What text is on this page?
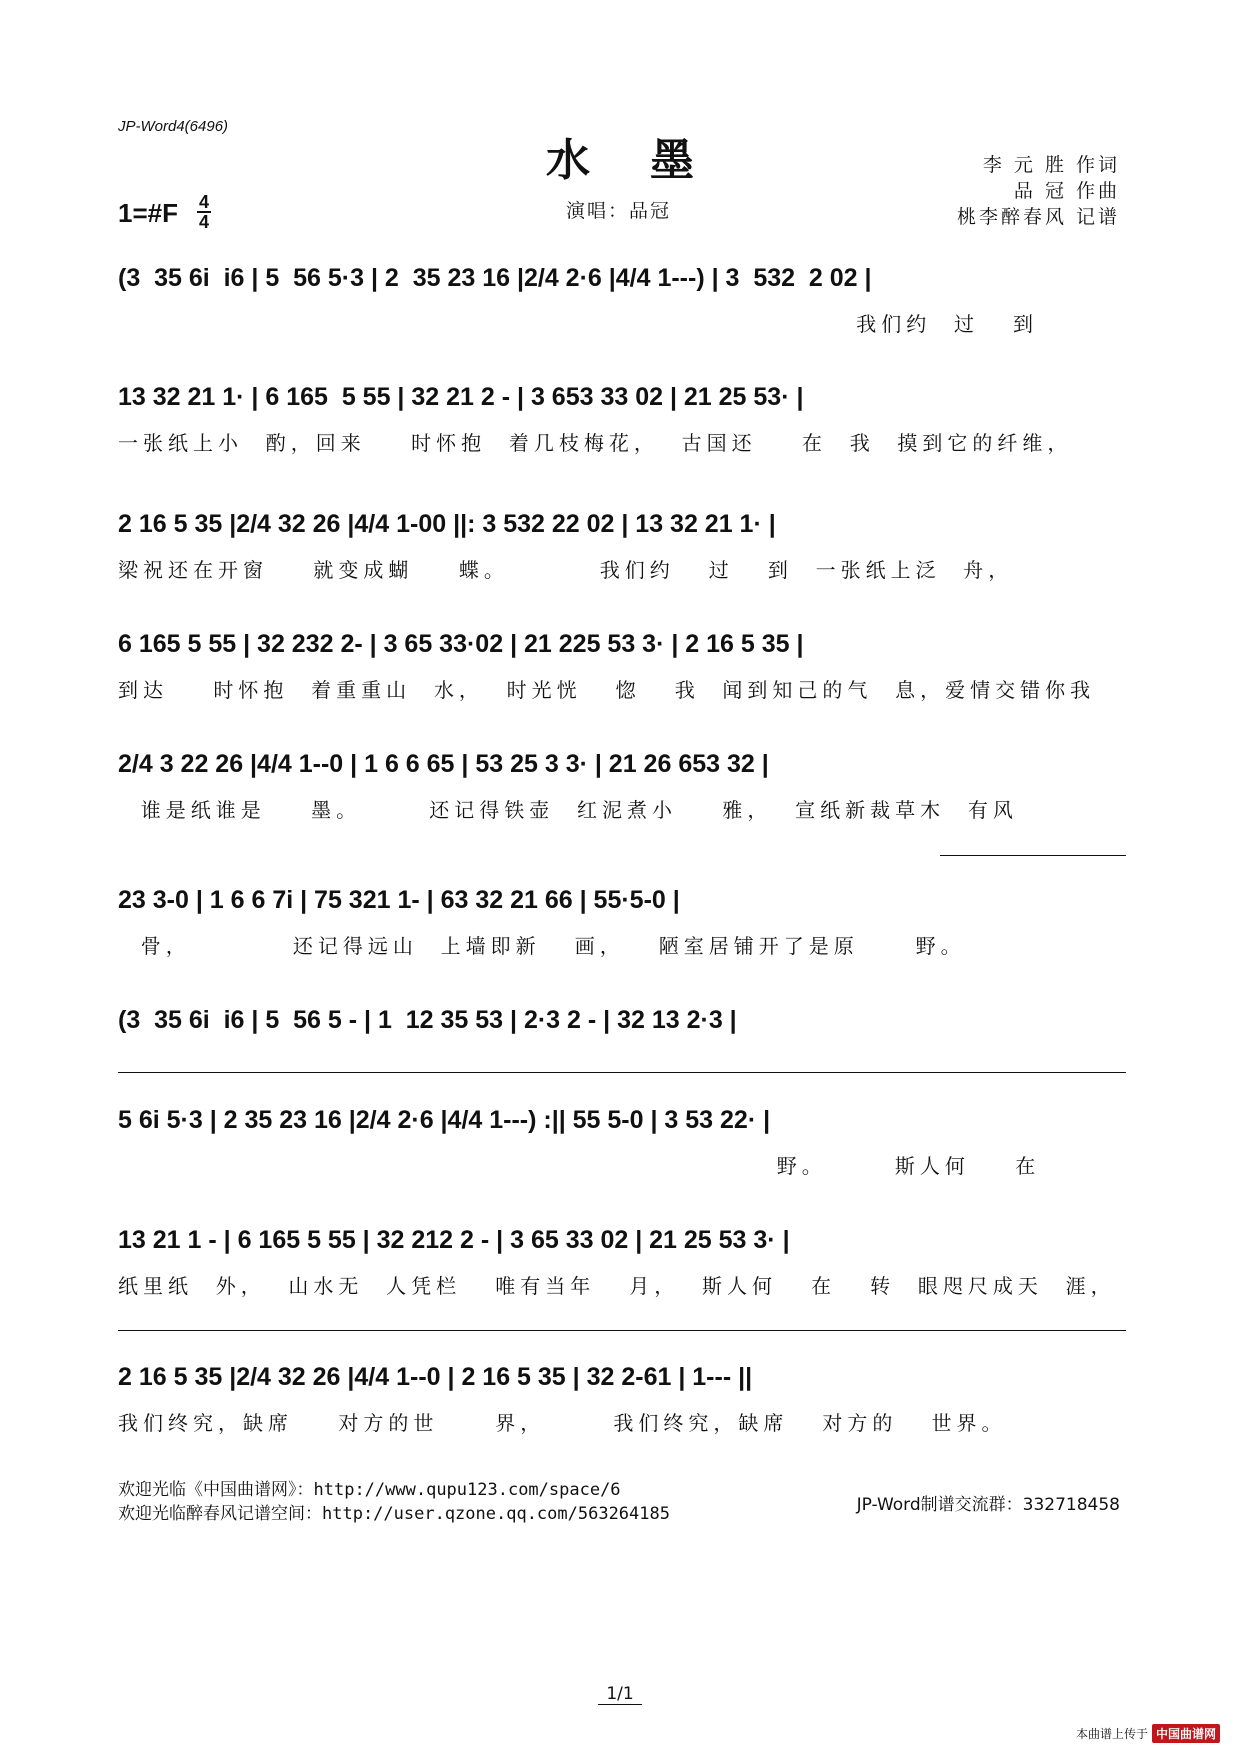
JP-Word4(6496)
水墨	李 元 胜 作词
品 冠 作曲
桃李醉春风 记谱
1=#F 4
4	演唱：品冠
(3  35 6i  i6 | 5  56 5·3 | 2  35 23 16 |2/4 2·6 |4/4 1---) | 3  532  2 02 |
我们约  过   到
13 32 21 1· | 6 165  5 55 | 32 21 2 - | 3 653 33 02 | 21 25 53· |
一张纸上小  酌，回来    时怀抱  着几枝梅花，  古国还    在  我  摸到它的纤维，
2 16 5 35 |2/4 32 26 |4/4 1-00 ||: 3 532 22 02 | 13 32 21 1· |
梁祝还在开窗    就变成蝴    蝶。        我们约   过   到  一张纸上泛  舟，
6 165 5 55 | 32 232 2- | 3 65 33·02 | 21 225 53 3· | 2 16 5 35 |
到达    时怀抱  着重重山  水，  时光恍   惚   我  闻到知己的气  息，爱情交错你我
2/4 3 22 26 |4/4 1--0 | 1 6 6 65 | 53 25 3 3· | 21 26 653 32 |
谁是纸谁是    墨。      还记得铁壶  红泥煮小    雅，  宣纸新裁草木  有风
23 3-0 | 1 6 6 7i | 75 321 1- | 63 32 21 66 | 55·5-0 |
骨，         还记得远山  上墙即新   画，   陋室居铺开了是原     野。
(3  35 6i  i6 | 5  56 5 - | 1  12 35 53 | 2·3 2 - | 32 13 2·3 |
5 6i 5·3 | 2 35 23 16 |2/4 2·6 |4/4 1---) :|| 55 5-0 | 3 53 22· |
野。      斯人何    在
13 21 1 - | 6 165 5 55 | 32 212 2 - | 3 65 33 02 | 21 25 53 3· |
纸里纸  外，  山水无  人凭栏   唯有当年   月，  斯人何   在   转  眼咫尺成天  涯，
2 16 5 35 |2/4 32 26 |4/4 1--0 | 2 16 5 35 | 32 2-61 | 1--- ||
我们终究，缺席    对方的世     界，      我们终究，缺席   对方的   世界。
欢迎光临《中国曲谱网》：http://www.qupu123.com/space/6
欢迎光临醉春风记谱空间：http://user.qzone.qq.com/563264185	JP-Word制谱交流群：332718458
1/1
本曲谱上传于 中国曲谱网
